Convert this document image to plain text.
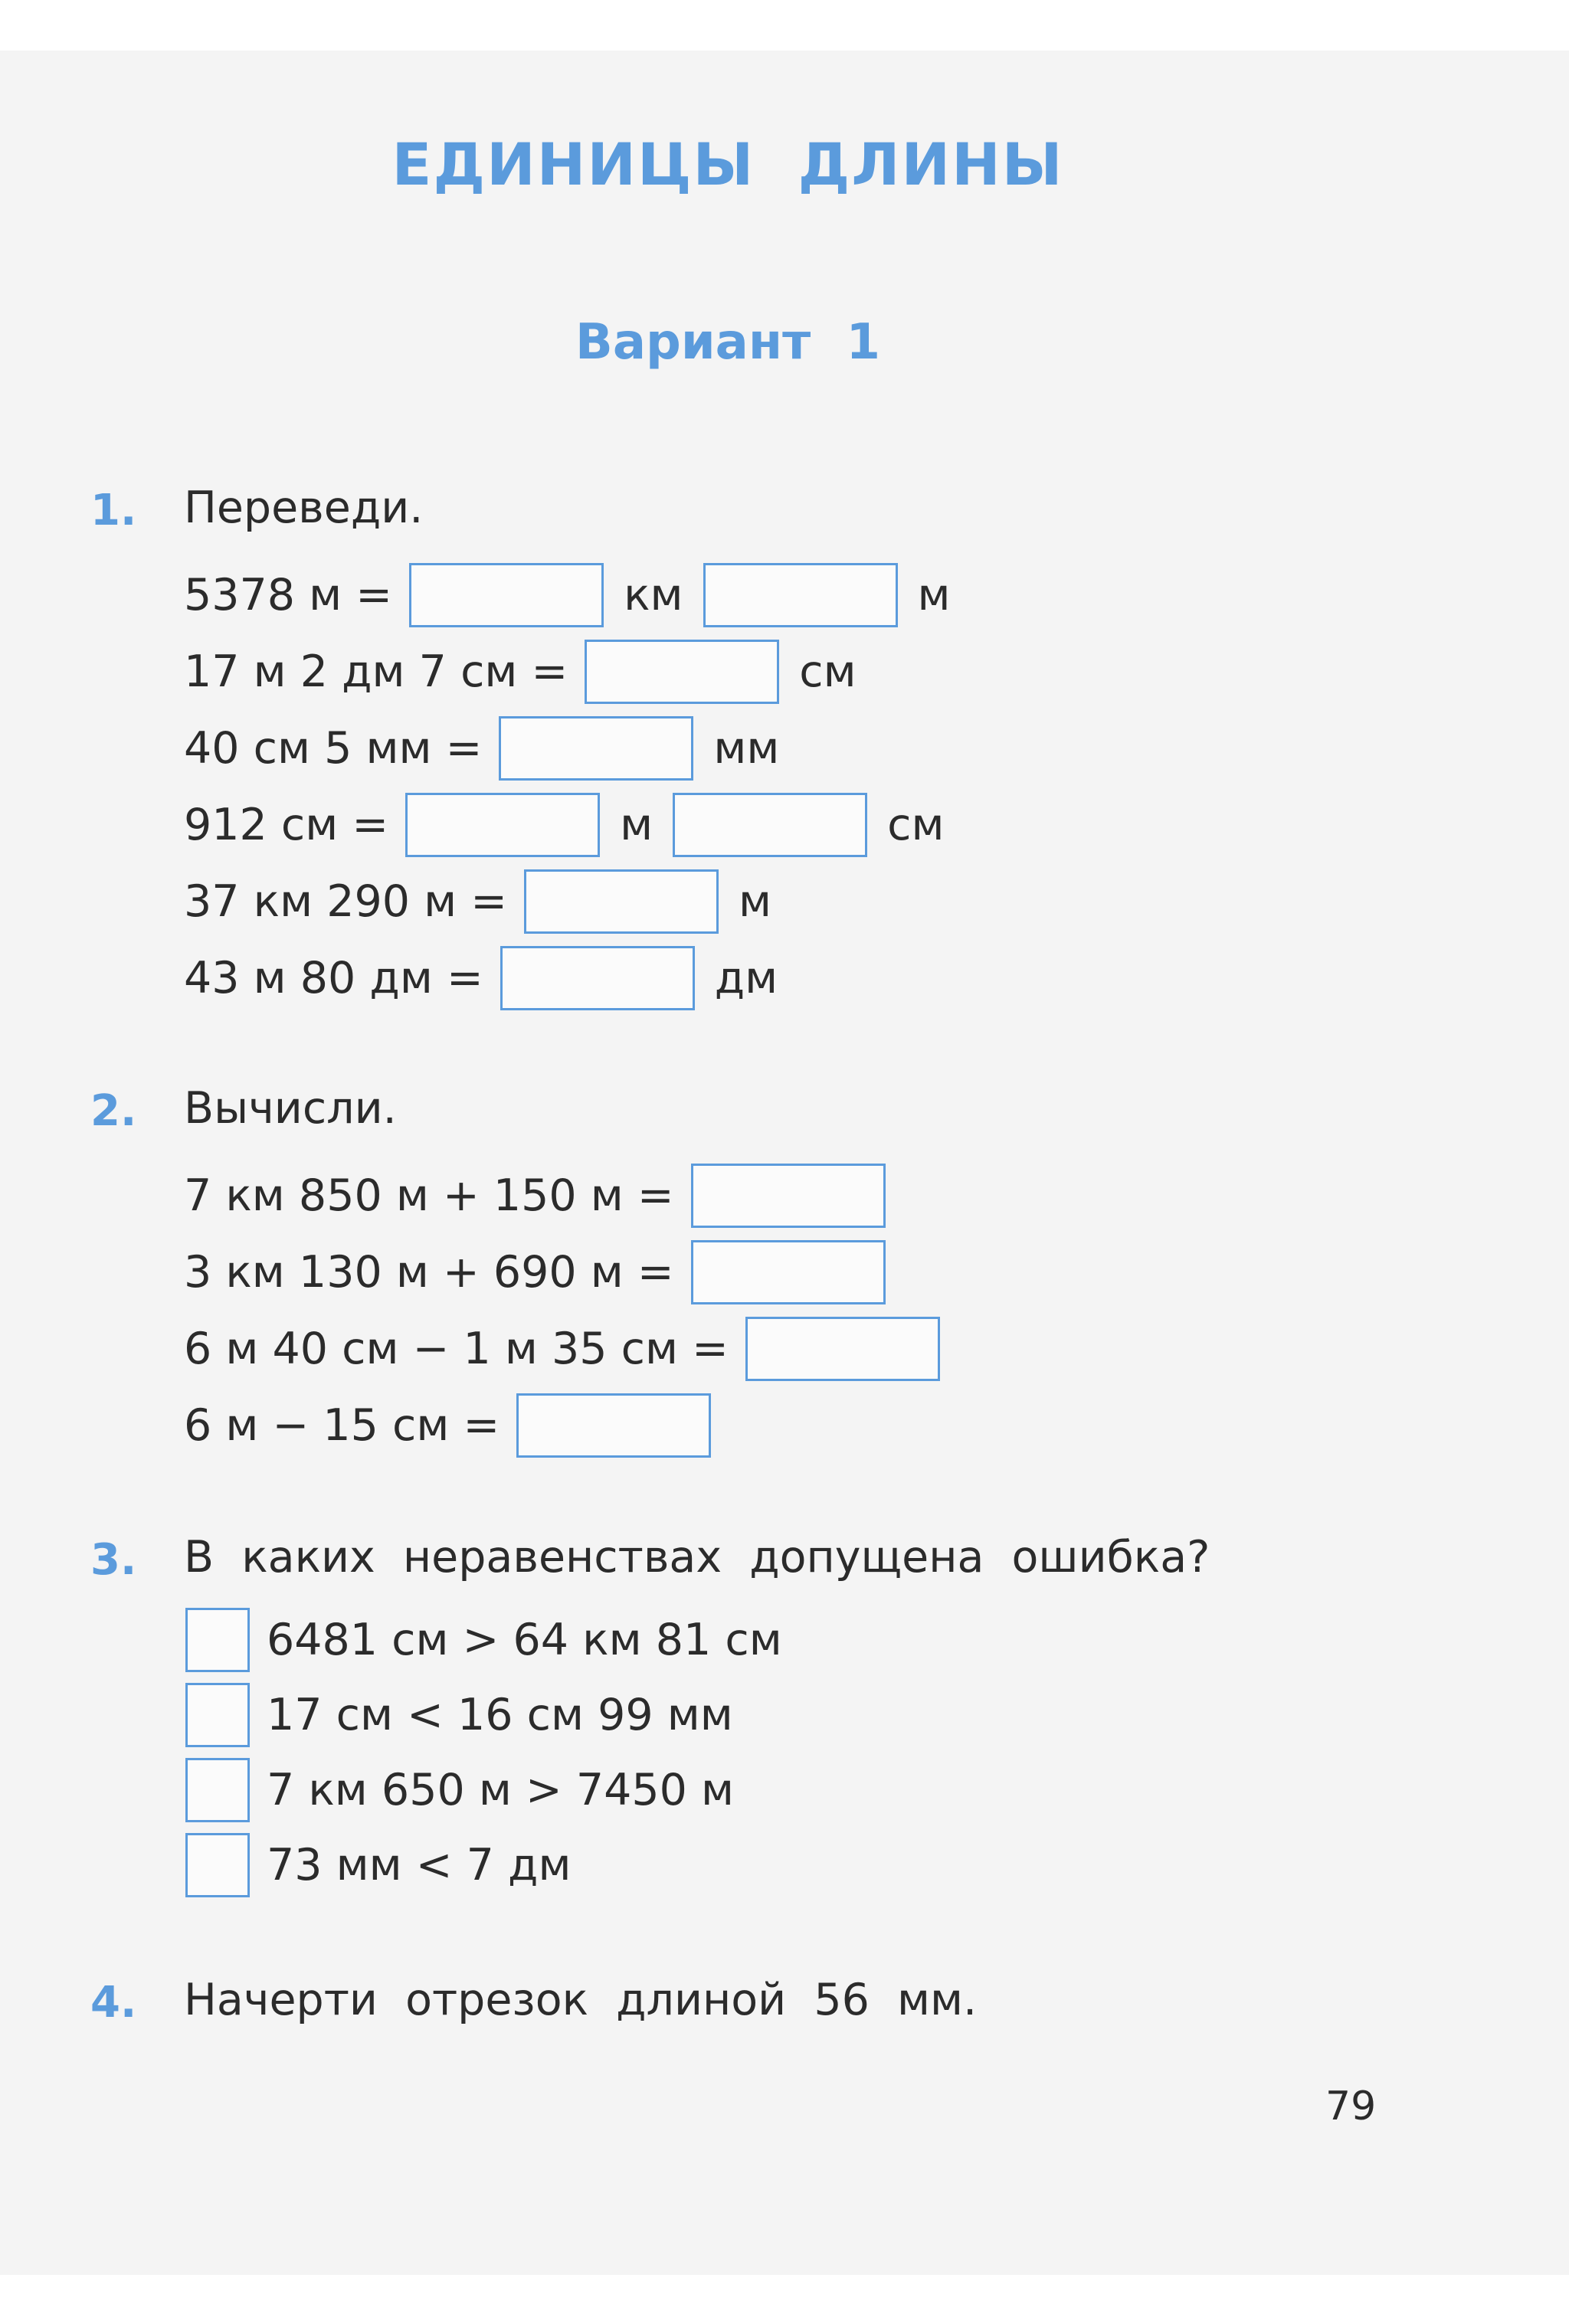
ЕДИНИЦЫ ДЛИНЫ
Вариант 1
1. Переведи.
5378 м =	км	м
17 м 2 дм 7 см =	см
40 см 5 мм =	мм
912 см =	м	см
37 км 290 м =	м
43 м 80 дм =	дм
2. Вычисли.
7 км 850 м + 150 м =
3 км 130 м + 690 м =
6 м 40 см − 1 м 35 см =
6 м − 15 см =
3. В каких неравенствах допущена ошибка?
6481 см > 64 км 81 см
17 см < 16 см 99 мм
7 км 650 м > 7450 м
73 мм < 7 дм
4. Начерти отрезок длиной 56 мм.
79
